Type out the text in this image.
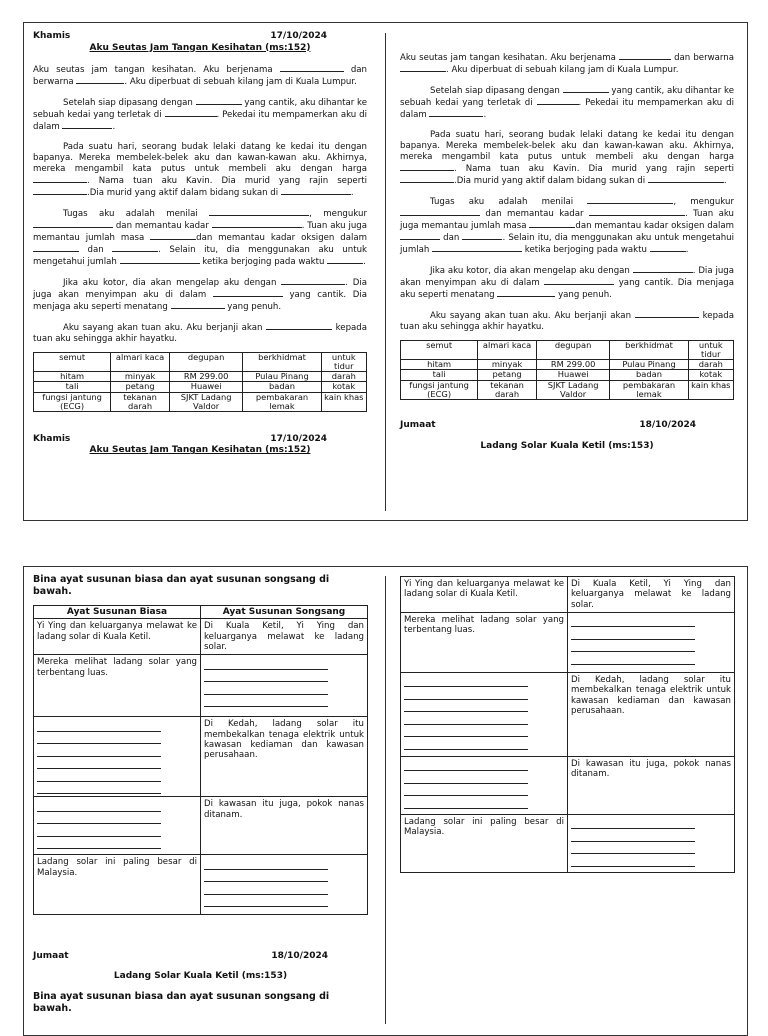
Khamis	17/10/2024
Aku Seutas Jam Tangan Kesihatan (ms:152)

Aku seutas jam tangan kesihatan. Aku berjenama	dan berwarna	. Aku diperbuat di sebuah kilang jam di Kuala Lumpur.

Setelah siap dipasang dengan	yang cantik, aku dihantar ke sebuah kedai yang terletak di	. Pekedai itu mempamerkan aku di dalam	.

Pada suatu hari, seorang budak lelaki datang ke kedai itu dengan bapanya. Mereka membelek-belek aku dan kawan-kawan aku. Akhirnya, mereka mengambil kata putus untuk membeli aku dengan harga . Nama tuan aku Kavin. Dia murid yang rajin seperti .Dia murid yang aktif dalam bidang sukan di	.

Tugas aku adalah menilai	, mengukur  dan memantau kadar	. Tuan aku juga memantau jumlah masa	dan memantau kadar oksigen dalam  dan	. Selain itu, dia menggunakan aku untuk mengetahui jumlah	ketika berjoging pada waktu	.

Jika aku kotor, dia akan mengelap aku dengan	. Dia juga akan menyimpan aku di dalam	yang cantik. Dia menjaga aku seperti menatang	yang penuh.

Aku sayang akan tuan aku. Aku berjanji akan	kepada tuan aku sehingga akhir hayatku.

semut	almari kaca	degupan	berkhidmat	untuk tidur
hitam	minyak	RM 299.00	Pulau Pinang	darah
tali	petang	Huawei	badan	kotak
fungsi jantung (ECG)	tekanan darah	SJKT Ladang Valdor	pembakaran lemak	kain khas
Khamis	17/10/2024
Aku Seutas Jam Tangan Kesihatan (ms:152)

Aku seutas jam tangan kesihatan. Aku berjenama	dan berwarna . Aku diperbuat di sebuah kilang jam di Kuala Lumpur.

Setelah siap dipasang dengan	yang cantik, aku dihantar ke sebuah kedai yang terletak di	. Pekedai itu mempamerkan aku di dalam	.

Pada suatu hari, seorang budak lelaki datang ke kedai itu dengan bapanya. Mereka membelek-belek aku dan kawan-kawan aku. Akhirnya, mereka mengambil kata putus untuk membeli aku dengan harga . Nama tuan aku Kavin. Dia murid yang rajin seperti .Dia murid yang aktif dalam bidang sukan di	.

Tugas aku adalah menilai	, mengukur  dan memantau kadar	. Tuan aku juga memantau jumlah masa	dan memantau kadar oksigen dalam  dan	. Selain itu, dia menggunakan aku untuk mengetahui jumlah	ketika berjoging pada waktu	.

Jika aku kotor, dia akan mengelap aku dengan	. Dia juga akan menyimpan aku di dalam	yang cantik. Dia menjaga aku seperti menatang	yang penuh.

Aku sayang akan tuan aku. Aku berjanji akan	kepada tuan aku sehingga akhir hayatku.

semut	almari kaca	degupan	berkhidmat	untuk tidur
hitam	minyak	RM 299.00	Pulau Pinang	darah
tali	petang	Huawei	badan	kotak
fungsi jantung (ECG)	tekanan darah	SJKT Ladang Valdor	pembakaran lemak	kain khas
Jumaat	18/10/2024
Ladang Solar Kuala Ketil (ms:153)
Bina ayat susunan biasa dan ayat susunan songsang di bawah.
Ayat Susunan Biasa	Ayat Susunan Songsang
Yi Ying dan keluarganya melawat ke ladang solar di Kuala Ketil.	Di Kuala Ketil, Yi Ying dan keluarganya melawat ke ladang solar.
Mereka melihat ladang solar yang terbentang luas.	

	Di Kedah, ladang solar itu membekalkan tenaga elektrik untuk kawasan kediaman dan kawasan perusahaan.

	Di kawasan itu juga, pokok nanas ditanam.
Ladang solar ini paling besar di Malaysia.	
Jumaat	18/10/2024
Ladang Solar Kuala Ketil (ms:153)
Bina ayat susunan biasa dan ayat susunan songsang di bawah.
Yi Ying dan keluarganya melawat ke ladang solar di Kuala Ketil.	Di Kuala Ketil, Yi Ying dan keluarganya melawat ke ladang solar.
Mereka melihat ladang solar yang terbentang luas.	

	Di Kedah, ladang solar itu membekalkan tenaga elektrik untuk kawasan kediaman dan kawasan perusahaan.

	Di kawasan itu juga, pokok nanas ditanam.
Ladang solar ini paling besar di Malaysia.	
